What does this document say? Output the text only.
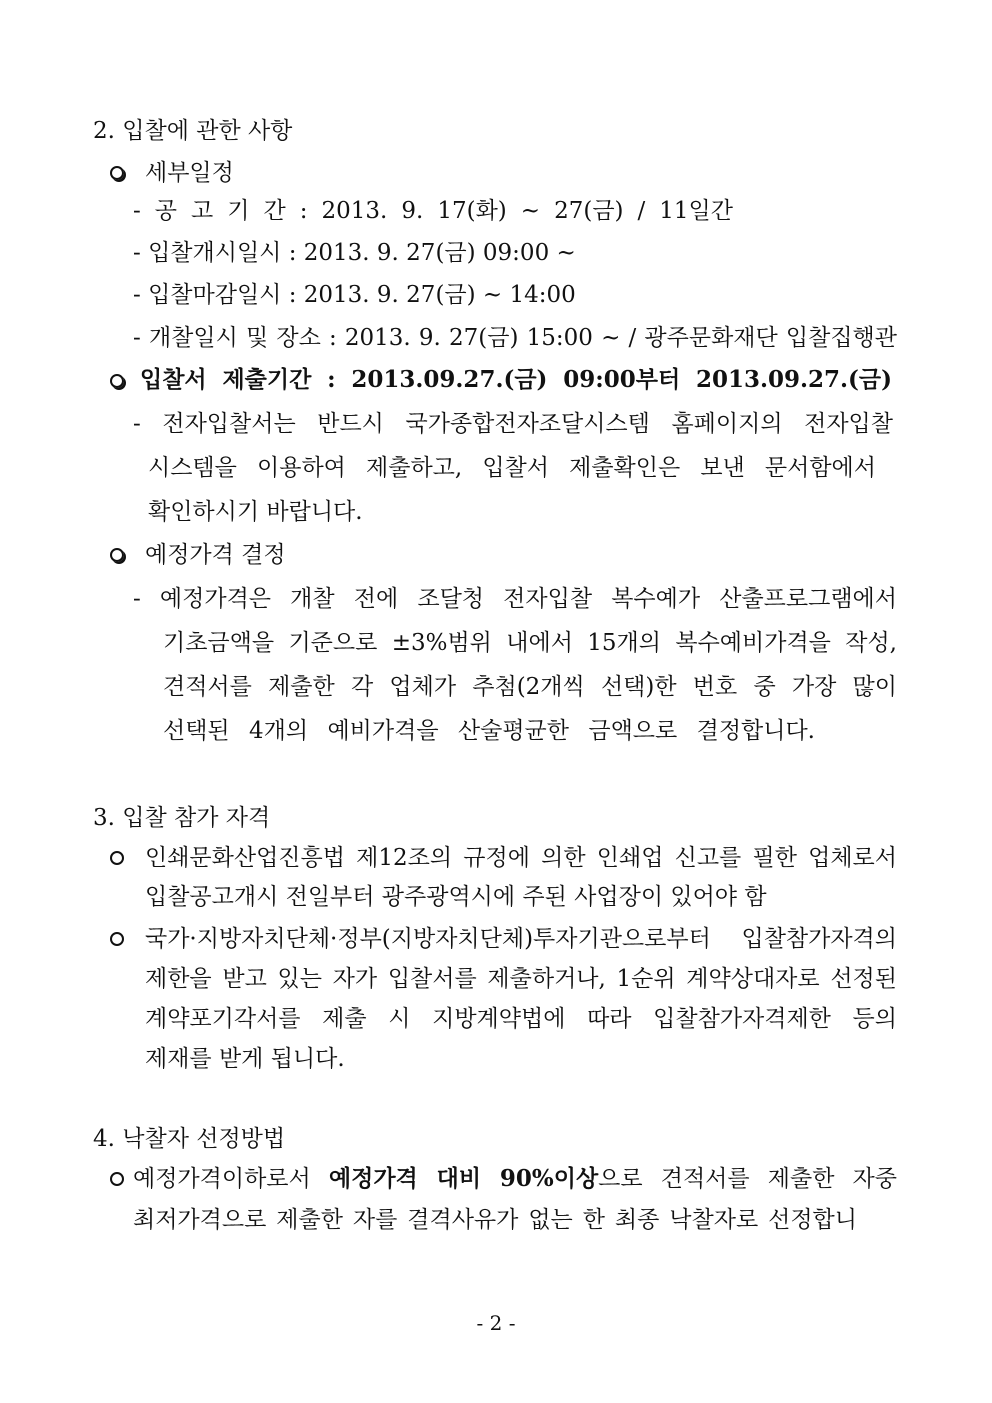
2. 입찰에 관한 사항
세부일정
- 공 고 기 간 : 2013. 9. 17(화) ~ 27(금) / 11일간
- 입찰개시일시 : 2013. 9. 27(금) 09:00 ~
- 입찰마감일시 : 2013. 9. 27(금) ~ 14:00
- 개찰일시 및 장소 : 2013. 9. 27(금) 15:00 ~ / 광주문화재단 입찰집행관
입찰서 제출기간 : 2013.09.27.(금) 09:00부터 2013.09.27.(금)
- 전자입찰서는 반드시 국가종합전자조달시스템 홈페이지의 전자입찰
시스템을 이용하여 제출하고, 입찰서 제출확인은 보낸 문서함에서
확인하시기 바랍니다.
예정가격 결정
- 예정가격은 개찰 전에 조달청 전자입찰 복수예가 산출프로그램에서
기초금액을 기준으로 ±3%범위 내에서 15개의 복수예비가격을 작성,
견적서를 제출한 각 업체가 추첨(2개씩 선택)한 번호 중 가장 많이
선택된 4개의 예비가격을 산술평균한 금액으로 결정합니다.
3. 입찰 참가 자격
인쇄문화산업진흥법 제12조의 규정에 의한 인쇄업 신고를 필한 업체로서
입찰공고개시 전일부터 광주광역시에 주된 사업장이 있어야 함
국가·지방자치단체·정부(지방자치단체)투자기관으로부터 입찰참가자격의
제한을 받고 있는 자가 입찰서를 제출하거나, 1순위 계약상대자로 선정된
계약포기각서를 제출 시 지방계약법에 따라 입찰참가자격제한 등의
제재를 받게 됩니다.
4. 낙찰자 선정방법
예정가격이하로서 예정가격 대비 90%이상으로 견적서를 제출한 자중
최저가격으로 제출한 자를 결격사유가 없는 한 최종 낙찰자로 선정합니
- 2 -
